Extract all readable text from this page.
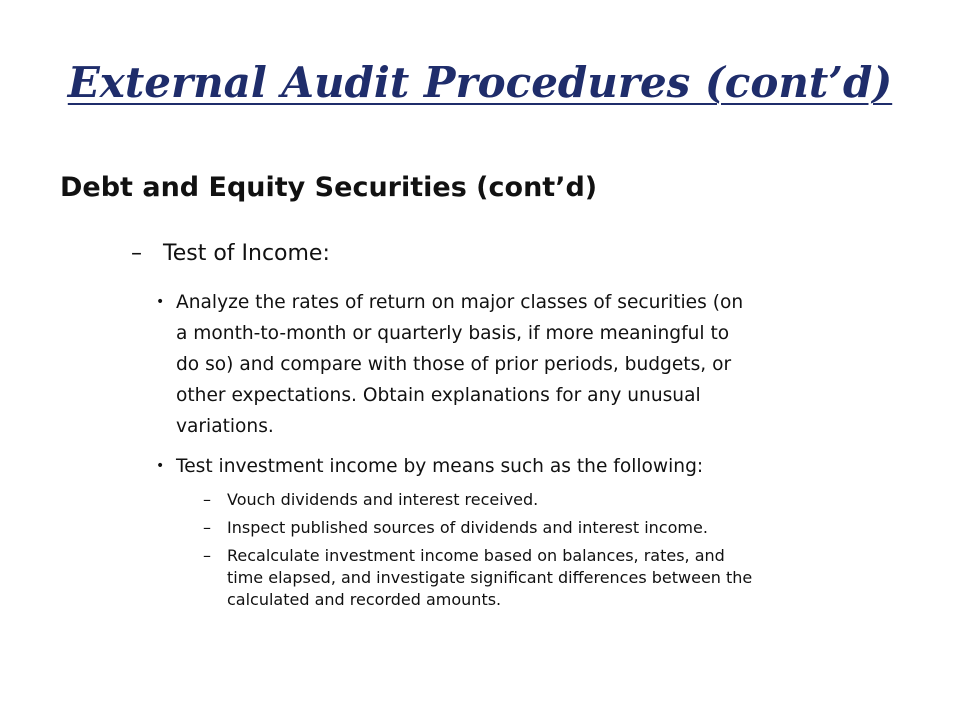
External Audit Procedures (cont’d)
Debt and Equity Securities (cont’d)
– Test of Income:
• Analyze the rates of return on major classes of securities (on
a month-to-month or quarterly basis, if more meaningful to
do so) and compare with those of prior periods, budgets, or
other expectations. Obtain explanations for any unusual
variations.
• Test investment income by means such as the following:
–	Vouch dividends and interest received.
–	Inspect published sources of dividends and interest income.
–	Recalculate investment income based on balances, rates, and
time elapsed, and investigate significant differences between the
calculated and recorded amounts.
